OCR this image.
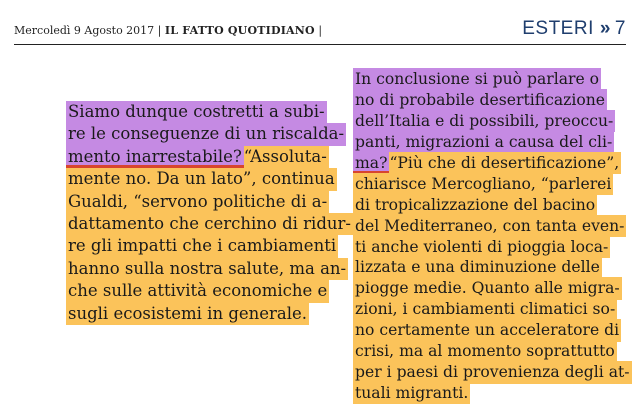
Mercoledì 9 Agosto 2017 | IL FATTO QUOTIDIANO |	ESTERI » 7
Siamo dunque costretti a subi-
re le conseguenze di un riscalda-
mento inarrestabile?“Assoluta-
mente no. Da un lato”, continua
Gualdi, “servono politiche di a-
dattamento che cerchino di ridur-
re gli impatti che i cambiamenti
hanno sulla nostra salute, ma an-
che sulle attività economiche e
sugli ecosistemi in generale.
In conclusione si può parlare o
no di probabile desertificazione
dell’Italia e di possibili, preoccu-
panti, migrazioni a causa del cli-
ma?“Più che di desertificazione”,
chiarisce Mercogliano, “parlerei
di tropicalizzazione del bacino
del Mediterraneo, con tanta even-
ti anche violenti di pioggia loca-
lizzata e una diminuzione delle
piogge medie. Quanto alle migra-
zioni, i cambiamenti climatici so-
no certamente un acceleratore di
crisi, ma al momento soprattutto
per i paesi di provenienza degli at-
tuali migranti.
